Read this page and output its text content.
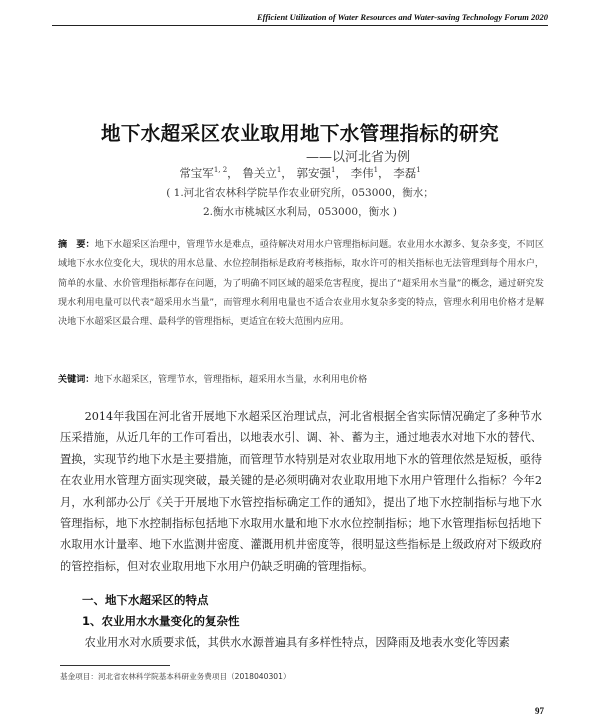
Efficient Utilization of Water Resources and Water-saving Technology Forum 2020
地下水超采区农业取用地下水管理指标的研究
——以河北省为例
常宝军$^{1, 2}$， 鲁关立$^1$， 郭安强$^1$， 李伟$^1$， 李磊$^1$
( 1.河北省农林科学院旱作农业研究所，053000，衡水；
2.衡水市桃城区水利局，053000，衡水 )
摘　要：地下水超采区治理中，管理节水是难点，亟待解决对用水户管理指标问题。农业用水水源多、复杂多变，不同区域地下水水位变化大，现状的用水总量、水位控制指标是政府考核指标，取水许可的相关指标也无法管理到每个用水户，简单的水量、水价管理指标都存在问题，为了明确不同区域的超采危害程度，提出了“超采用水当量”的概念，通过研究发现水利用电量可以代表“超采用水当量”，而管理水利用电量也不适合农业用水复杂多变的特点，管理水利用电价格才是解决地下水超采区最合理、最科学的管理指标，更适宜在较大范围内应用。
关键词：地下水超采区，管理节水，管理指标，超采用水当量，水利用电价格

2014年我国在河北省开展地下水超采区治理试点，河北省根据全省实际情况确定了多种节水压采措施，从近几年的工作可看出，以地表水引、调、补、蓄为主，通过地表水对地下水的替代、置换，实现节约地下水是主要措施，而管理节水特别是对农业取用地下水的管理依然是短板，亟待在农业用水管理方面实现突破，最关键的是必须明确对农业取用地下水用户管理什么指标？今年2月，水利部办公厅《关于开展地下水管控指标确定工作的通知》，提出了地下水控制指标与地下水管理指标，地下水控制指标包括地下水取用水量和地下水水位控制指标；地下水管理指标包括地下水取用水计量率、地下水监测井密度、灌溉用机井密度等，很明显这些指标是上级政府对下级政府的管控指标，但对农业取用地下水用户仍缺乏明确的管理指标。

一、地下水超采区的特点
1、农业用水水量变化的复杂性
农业用水对水质要求低，其供水水源普遍具有多样性特点，因降雨及地表水变化等因素
基金项目：河北省农林科学院基本科研业务费项目（2018040301）
97
